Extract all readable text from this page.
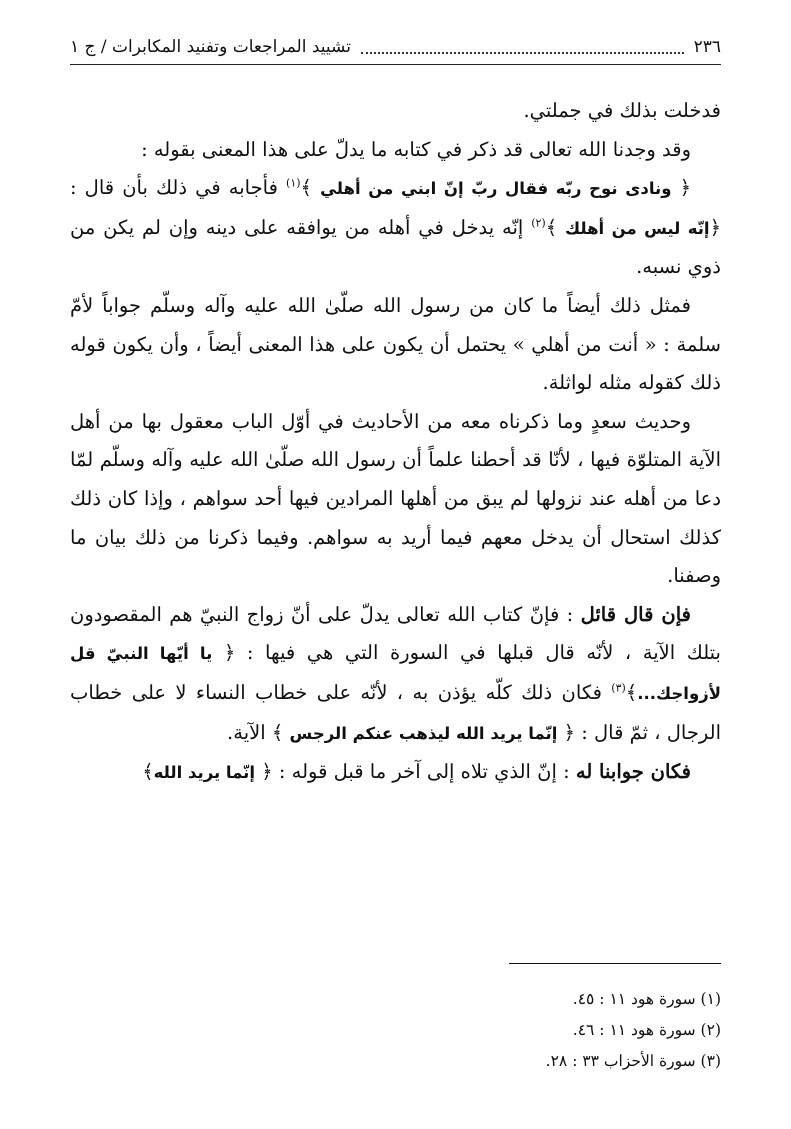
٢٣٦
تشييد المراجعات وتفنيد المكابرات / ج ١

فدخلت بذلك في جملتي.

وقد وجدنا الله تعالى قد ذكر في كتابه ما يدلّ على هذا المعنى بقوله :

﴿ ونادى نوح ربّه فقال ربّ إنّ ابني من أهلي ﴾$^{(١)}$ فأجابه في ذلك بأن قال : ﴿إنّه ليس من أهلك ﴾$^{(٢)}$ إنّه يدخل في أهله من يوافقه على دينه وإن لم يكن من ذوي نسبه.

فمثل ذلك أيضاً ما كان من رسول الله صلّىٰ الله عليه وآله وسلّم جواباً لأمّ سلمة : « أنت من أهلي » يحتمل أن يكون على هذا المعنى أيضاً ، وأن يكون قوله ذلك كقوله مثله لواثلة.

وحديث سعدٍ وما ذكرناه معه من الأحاديث في أوّل الباب معقول بها من أهل الآية المتلوّة فيها ، لأنّا قد أحطنا علماً أن رسول الله صلّىٰ الله عليه وآله وسلّم لمّا دعا من أهله عند نزولها لم يبق من أهلها المرادين فيها أحد سواهم ، وإذا كان ذلك كذلك استحال أن يدخل معهم فيما أريد به سواهم. وفيما ذكرنا من ذلك بيان ما وصفنا.

فإن قال قائل : فإنّ كتاب الله تعالى يدلّ على أنّ زواج النبيّ هم المقصودون بتلك الآية ، لأنّه قال قبلها في السورة التي هي فيها : ﴿ يا أيّها النبيّ قل لأزواجك...﴾$^{(٣)}$ فكان ذلك كلّه يؤذن به ، لأنّه على خطاب النساء لا على خطاب الرجال ، ثمّ قال : ﴿ إنّما يريد الله ليذهب عنكم الرجس ﴾ الآية.

فكان جوابنا له : إنّ الذي تلاه إلى آخر ما قبل قوله : ﴿ إنّما يريد الله﴾

(١) سورة هود ١١ : ٤٥.
(٢) سورة هود ١١ : ٤٦.
(٣) سورة الأحزاب ٣٣ : ٢٨.
